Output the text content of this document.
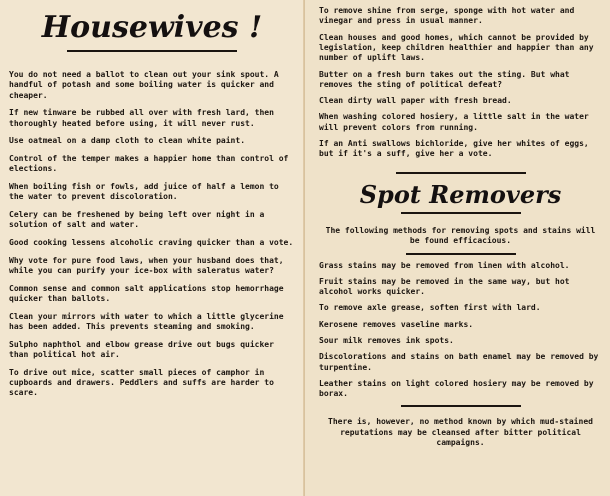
Housewives !

You do not need a ballot to clean out your sink spout. A handful of potash and some boiling water is quicker and cheaper.

If new tinware be rubbed all over with fresh lard, then thoroughly heated before using, it will never rust.

Use oatmeal on a damp cloth to clean white paint.

Control of the temper makes a happier home than control of elections.

When boiling fish or fowls, add juice of half a lemon to the water to prevent discoloration.

Celery can be freshened by being left over night in a solution of salt and water.

Good cooking lessens alcoholic craving quicker than a vote.

Why vote for pure food laws, when your husband does that, while you can purify your ice-box with saleratus water?

Common sense and common salt applications stop hemorrhage quicker than ballots.

Clean your mirrors with water to which a little glycerine has been added. This prevents steaming and smoking.

Sulpho naphthol and elbow grease drive out bugs quicker than political hot air.

To drive out mice, scatter small pieces of camphor in cupboards and drawers. Peddlers and suffs are harder to scare.

To remove shine from serge, sponge with hot water and vinegar and press in usual manner.

Clean houses and good homes, which cannot be provided by legislation, keep children healthier and happier than any number of uplift laws.

Butter on a fresh burn takes out the sting. But what removes the sting of political defeat?

Clean dirty wall paper with fresh bread.

When washing colored hosiery, a little salt in the water will prevent colors from running.

If an Anti swallows bichloride, give her whites of eggs, but if it's a suff, give her a vote.

Spot Removers

The following methods for removing spots and stains will be found efficacious.

Grass stains may be removed from linen with alcohol.

Fruit stains may be removed in the same way, but hot alcohol works quicker.

To remove axle grease, soften first with lard.

Kerosene removes vaseline marks.

Sour milk removes ink spots.

Discolorations and stains on bath enamel may be removed by turpentine.

Leather stains on light colored hosiery may be removed by borax.

There is, however, no method known by which mud-stained reputations may be cleansed after bitter political campaigns.
